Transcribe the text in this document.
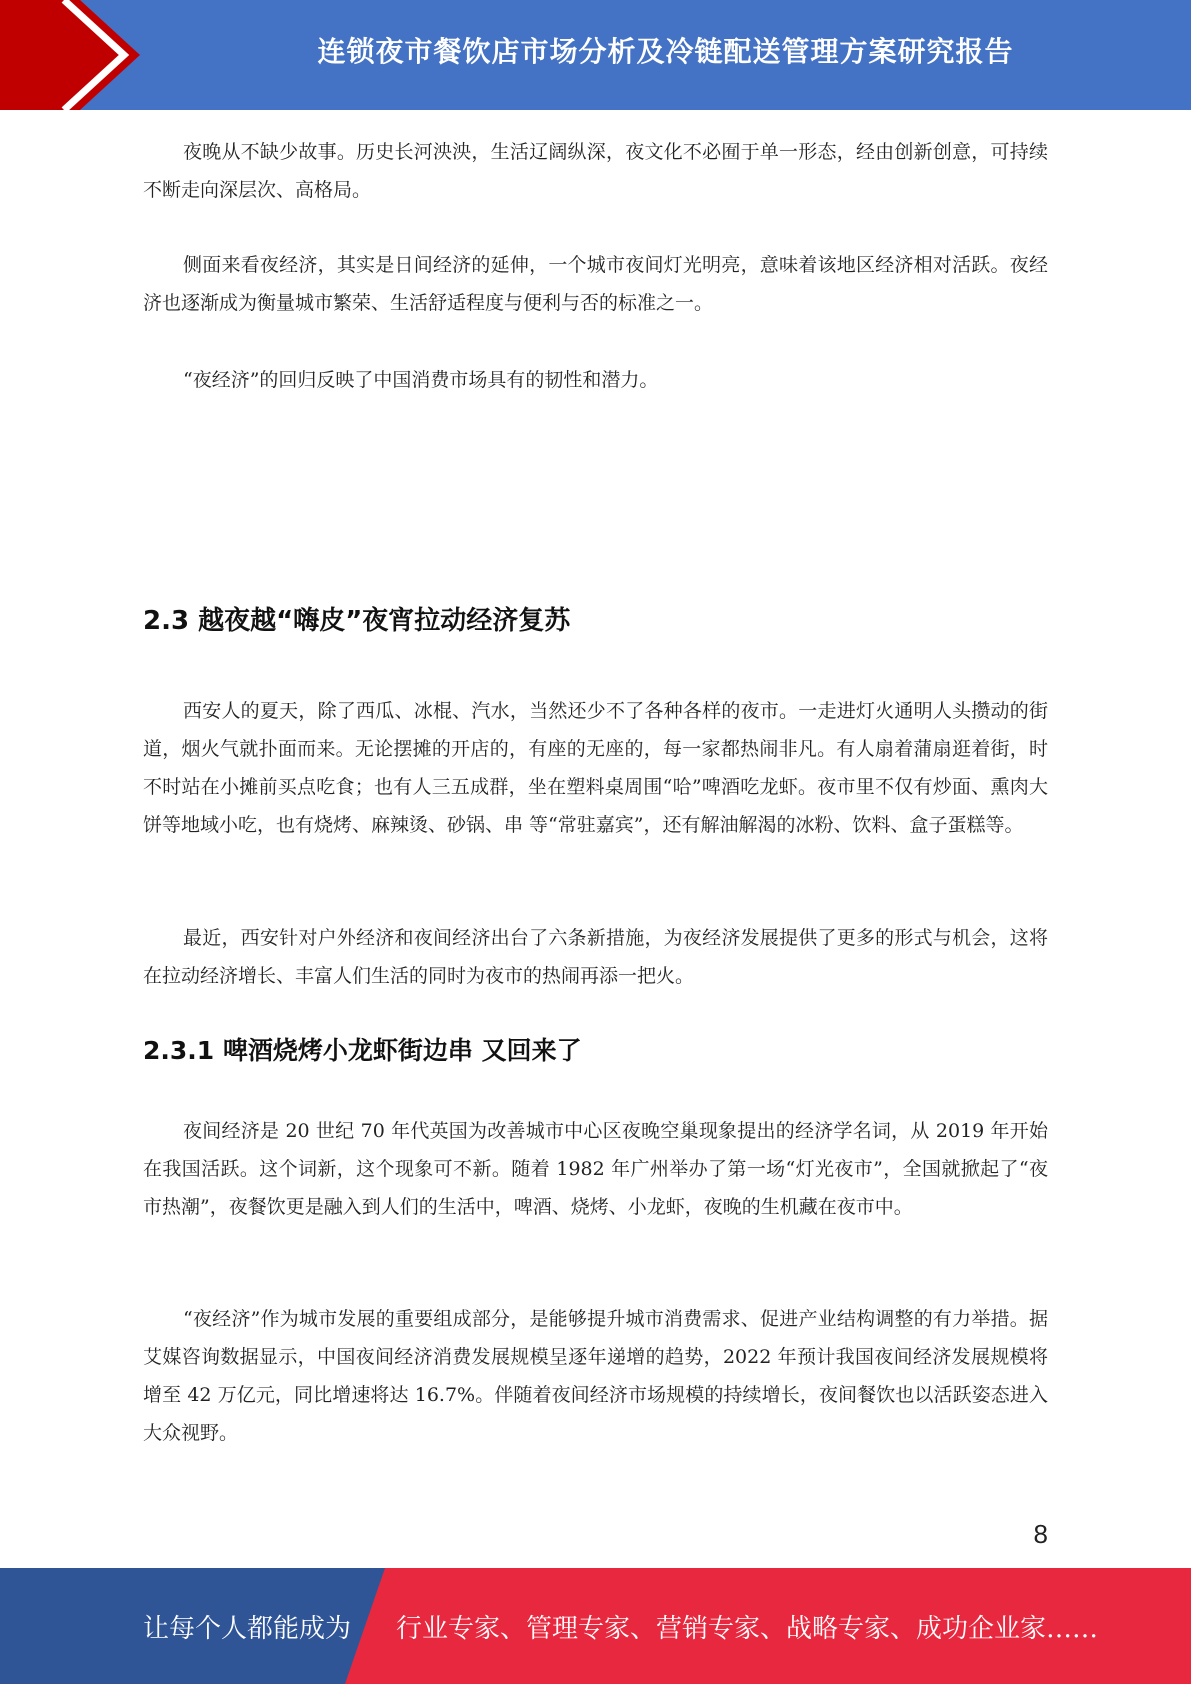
连锁夜市餐饮店市场分析及冷链配送管理方案研究报告

夜晚从不缺少故事。历史长河泱泱，生活辽阔纵深，夜文化不必囿于单一形态，经由创新创意，可持续不断走向深层次、高格局。

侧面来看夜经济，其实是日间经济的延伸，一个城市夜间灯光明亮，意味着该地区经济相对活跃。夜经济也逐渐成为衡量城市繁荣、生活舒适程度与便利与否的标准之一。

“夜经济”的回归反映了中国消费市场具有的韧性和潜力。

2.3 越夜越“嗨皮”夜宵拉动经济复苏

西安人的夏天，除了西瓜、冰棍、汽水，当然还少不了各种各样的夜市。一走进灯火通明人头攒动的街道，烟火气就扑面而来。无论摆摊的开店的，有座的无座的，每一家都热闹非凡。有人扇着蒲扇逛着街，时不时站在小摊前买点吃食；也有人三五成群，坐在塑料桌周围“哈”啤酒吃龙虾。夜市里不仅有炒面、熏肉大饼等地域小吃，也有烧烤、麻辣烫、砂锅、串 等“常驻嘉宾”，还有解油解渴的冰粉、饮料、盒子蛋糕等。

最近，西安针对户外经济和夜间经济出台了六条新措施，为夜经济发展提供了更多的形式与机会，这将在拉动经济增长、丰富人们生活的同时为夜市的热闹再添一把火。

2.3.1 啤酒烧烤小龙虾街边串 又回来了

夜间经济是 20 世纪 70 年代英国为改善城市中心区夜晚空巢现象提出的经济学名词，从 2019 年开始在我国活跃。这个词新，这个现象可不新。随着 1982 年广州举办了第一场“灯光夜市”，全国就掀起了“夜市热潮”，夜餐饮更是融入到人们的生活中，啤酒、烧烤、小龙虾，夜晚的生机藏在夜市中。

“夜经济”作为城市发展的重要组成部分，是能够提升城市消费需求、促进产业结构调整的有力举措。据艾媒咨询数据显示，中国夜间经济消费发展规模呈逐年递增的趋势，2022 年预计我国夜间经济发展规模将增至 42 万亿元，同比增速将达 16.7%。伴随着夜间经济市场规模的持续增长，夜间餐饮也以活跃姿态进入大众视野。

8
让每个人都能成为 行业专家、管理专家、营销专家、战略专家、成功企业家……
